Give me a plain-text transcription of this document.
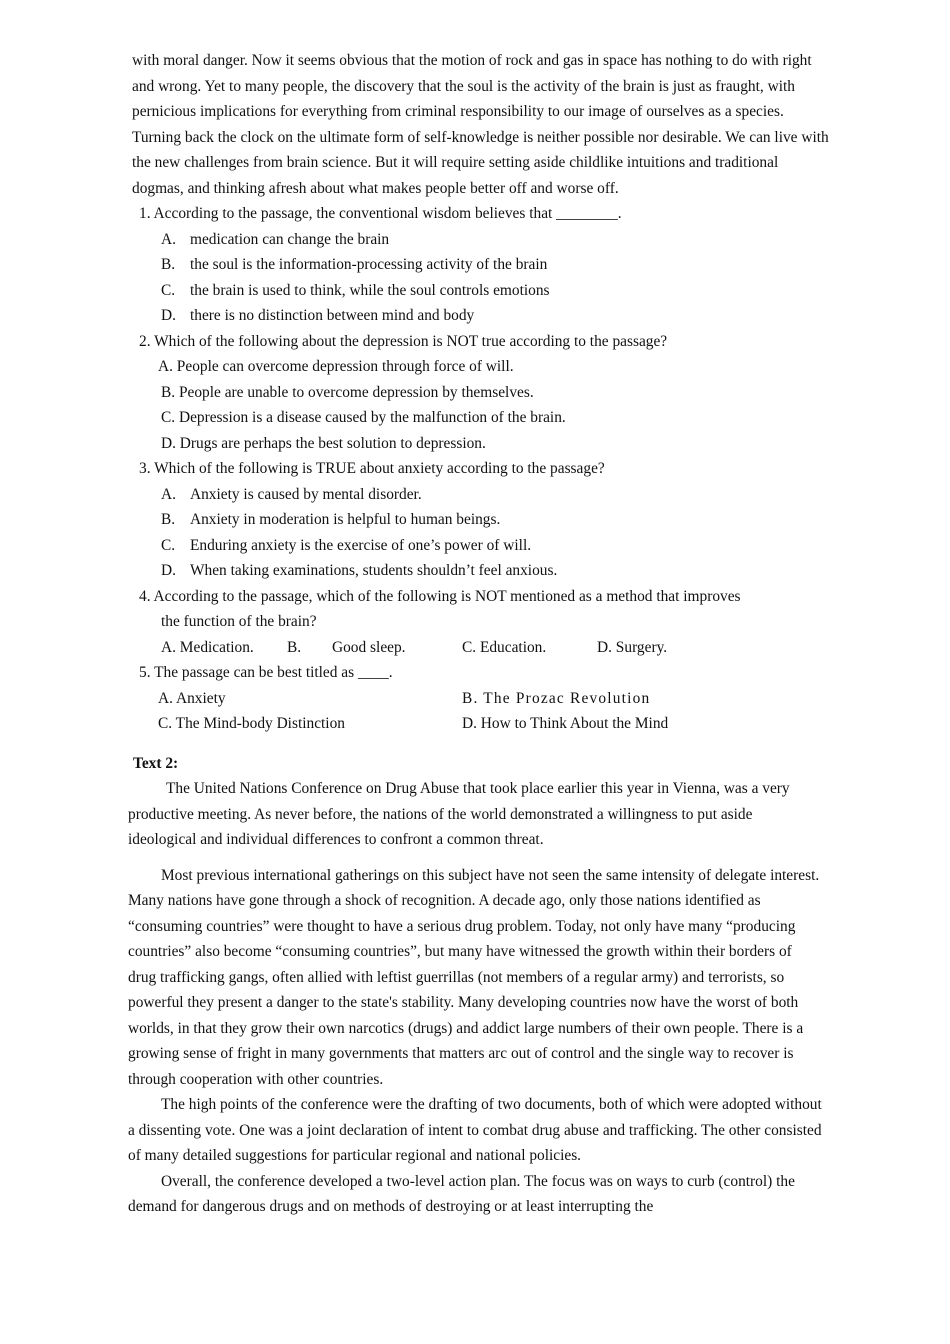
with moral danger. Now it seems obvious that the motion of rock and gas in space has nothing to do with right and wrong. Yet to many people, the discovery that the soul is the activity of the brain is just as fraught, with pernicious implications for everything from criminal responsibility to our image of ourselves as a species. Turning back the clock on the ultimate form of self-knowledge is neither possible nor desirable. We can live with the new challenges from brain science. But it will require setting aside childlike intuitions and traditional dogmas, and thinking afresh about what makes people better off and worse off.
1. According to the passage, the conventional wisdom believes that ________.
A. medication can change the brain
B. the soul is the information-processing activity of the brain
C. the brain is used to think, while the soul controls emotions
D. there is no distinction between mind and body
2. Which of the following about the depression is NOT true according to the passage?
A. People can overcome depression through force of will.
B. People are unable to overcome depression by themselves.
C. Depression is a disease caused by the malfunction of the brain.
D. Drugs are perhaps the best solution to depression.
3. Which of the following is TRUE about anxiety according to the passage?
A. Anxiety is caused by mental disorder.
B. Anxiety in moderation is helpful to human beings.
C. Enduring anxiety is the exercise of one’s power of will.
D. When taking examinations, students shouldn’t feel anxious.
4. According to the passage, which of the following is NOT mentioned as a method that improves
the function of the brain?
A. Medication. B. Good sleep.	C. Education.	D. Surgery.
5. The passage can be best titled as ____.
A. Anxiety	B. The Prozac Revolution
C. The Mind-body Distinction	D. How to Think About the Mind
Text 2:
The United Nations Conference on Drug Abuse that took place earlier this year in Vienna, was a very productive meeting. As never before, the nations of the world demonstrated a willingness to put aside ideological and individual differences to confront a common threat.
Most previous international gatherings on this subject have not seen the same intensity of delegate interest. Many nations have gone through a shock of recognition. A decade ago, only those nations identified as “consuming countries” were thought to have a serious drug problem. Today, not only have many “producing countries” also become “consuming countries”, but many have witnessed the growth within their borders of drug trafficking gangs, often allied with leftist guerrillas (not members of a regular army) and terrorists, so powerful they present a danger to the state's stability. Many developing countries now have the worst of both worlds, in that they grow their own narcotics (drugs) and addict large numbers of their own people. There is a growing sense of fright in many governments that matters arc out of control and the single way to recover is through cooperation with other countries.
The high points of the conference were the drafting of two documents, both of which were adopted without a dissenting vote. One was a joint declaration of intent to combat drug abuse and trafficking. The other consisted of many detailed suggestions for particular regional and national policies.
Overall, the conference developed a two-level action plan. The focus was on ways to curb (control) the demand for dangerous drugs and on methods of destroying or at least interrupting the
